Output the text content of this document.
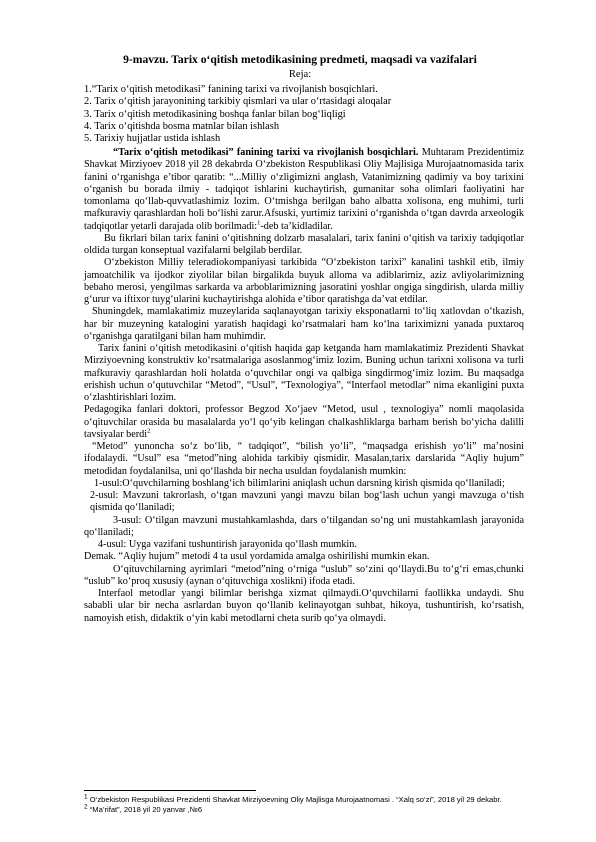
9-mavzu. Tarix o‘qitish metodikasining predmeti, maqsadi va vazifalari
Reja:
1.“Tarix o‘qitish metodikasi” fanining tarixi va rivojlanish bosqichlari.
2. Tarix o‘qitish jarayonining tarkibiy qismlari va ular o‘rtasidagi aloqalar
3. Tarix o‘qitish metodikasining boshqa fanlar bilan bog‘liqligi
4. Tarix o‘qitishda bosma matnlar bilan ishlash
5. Tarixiy hujjatlar ustida ishlash

“Tarix o‘qitish metodikasi” fanining tarixi va rivojlanish bosqichlari. Muhtaram Prezidentimiz Shavkat Mirziyoev 2018 yil 28 dekabrda O‘zbekiston Respublikasi Oliy Majlisiga Murojaatnomasida tarix fanini o‘rganishga e’tibor qaratib: “...Milliy o‘zligimizni anglash, Vatanimizning qadimiy va boy tarixini o‘rganish bu borada ilmiy - tadqiqot ishlarini kuchaytirish, gumanitar soha olimlari faoliyatini har tomonlama qo‘llab-quvvatlashimiz lozim. O‘tmishga berilgan baho albatta xolisona, eng muhimi, turli mafkuraviy qarashlardan holi bo‘lishi zarur.Afsuski, yurtimiz tarixini o‘rganishda o‘tgan davrda arxeologik tadqiqotlar yetarli darajada olib borilmadi:$^1$-deb ta’kidladilar.

Bu fikrlari bilan tarix fanini o‘qitishning dolzarb masalalari, tarix fanini o‘qitish va tarixiy tadqiqotlar oldida turgan konseptual vazifalarni belgilab berdilar.

O‘zbekiston Milliy teleradiokompaniyasi tarkibida “O‘zbekiston tarixi” kanalini tashkil etib, ilmiy jamoatchilik va ijodkor ziyolilar bilan birgalikda buyuk alloma va adiblarimiz, aziz avliyolarimizning bebaho merosi, yengilmas sarkarda va arboblarimizning jasoratini yoshlar ongiga singdirish, ularda milliy g‘urur va iftixor tuyg‘ularini kuchaytirishga alohida e’tibor qaratishga da’vat etdilar.

Shuningdek, mamlakatimiz muzeylarida saqlanayotgan tarixiy eksponatlarni to‘liq xatlovdan o‘tkazish, har bir muzeyning katalogini yaratish haqidagi ko‘rsatmalari ham ko‘lna tariximizni yanada puxtaroq o‘rganishga qaratilgani bilan ham muhimdir.

Tarix fanini o‘qitish metodikasini o‘qitish haqida gap ketganda ham mamlakatimiz Prezidenti Shavkat Mirziyoevning konstruktiv ko‘rsatmalariga asoslanmog‘imiz lozim. Buning uchun tarixni xolisona va turli mafkuraviy qarashlardan holi holatda o‘quvchilar ongi va qalbiga singdirmog‘imiz lozim. Bu maqsadga erishish uchun o‘qutuvchilar “Metod”, “Usul”, “Texnologiya”, “Interfaol metodlar” nima ekanligini puxta o‘zlashtirishlari lozim.

Pedagogika fanlari doktori, professor Begzod Xo‘jaev “Metod, usul , texnologiya” nomli maqolasida o‘qituvchilar orasida bu masalalarda yo‘l qo‘yib kelingan chalkashliklarga barham berish bo‘yicha dalilli tavsiyalar berdi$^2$

“Metod” yunoncha so‘z bo‘lib, “ tadqiqot”, “bilish yo‘li”, “maqsadga erishish yo‘li” ma’nosini ifodalaydi. “Usul” esa “metod”ning alohida tarkibiy qismidir. Masalan,tarix darslarida “Aqliy hujum” metodidan foydalanilsa, uni qo‘llashda bir necha usuldan foydalanish mumkin:

1-usul:O‘quvchilarning boshlang‘ich bilimlarini aniqlash uchun darsning kirish qismida qo‘llaniladi;

2-usul: Mavzuni takrorlash, o‘tgan mavzuni yangi mavzu bilan bog‘lash uchun yangi mavzuga o‘tish qismida qo‘llaniladi;

3-usul: O‘tilgan mavzuni mustahkamlashda, dars o‘tilgandan so‘ng uni mustahkamlash jarayonida qo‘llaniladi;

4-usul: Uyga vazifani tushuntirish jarayonida qo‘llash mumkin.

Demak. “Aqliy hujum” metodi 4 ta usul yordamida amalga oshirilishi mumkin ekan.

O‘qituvchilarning ayrimlari “metod”ning o‘rniga “uslub” so‘zini qo‘llaydi.Bu to‘g‘ri emas,chunki “uslub” ko‘proq xususiy (aynan o‘qituvchiga xoslikni) ifoda etadi.

Interfaol metodlar yangi bilimlar berishga xizmat qilmaydi.O‘quvchilarni faollikka undaydi. Shu sababli ular bir necha asrlardan buyon qo‘llanib kelinayotgan suhbat, hikoya, tushuntirish, ko‘rsatish, namoyish etish, didaktik o‘yin kabi metodlarni cheta surib qo‘ya olmaydi.

$^1$ O‘zbekiston Respublikasi Prezidenti Shavkat Mirziyoevning Oliy Majlisga Murojaatnomasi . “Xalq so‘zi”, 2018 yil 29 dekabr.

$^2$ “Ma’rifat”, 2018 yil 20 yanvar ,№6
